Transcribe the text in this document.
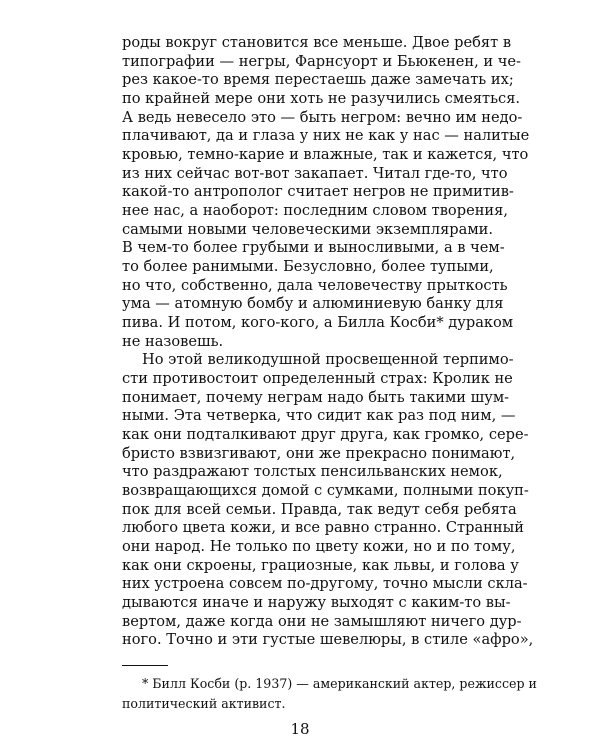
роды вокруг становится все меньше. Двое ребят в
типографии — негры, Фарнсуорт и Бьюкенен, и че-
рез какое-то время перестаешь даже замечать их;
по крайней мере они хоть не разучились смеяться.
А ведь невесело это — быть негром: вечно им недо-
плачивают, да и глаза у них не как у нас — налитые
кровью, темно-карие и влажные, так и кажется, что
из них сейчас вот-вот закапает. Читал где-то, что
какой-то антрополог считает негров не примитив-
нее нас, а наоборот: последним словом творения,
самыми новыми человеческими экземплярами.
В чем-то более грубыми и выносливыми, а в чем-
то более ранимыми. Безусловно, более тупыми,
но что, собственно, дала человечеству прыткость
ума — атомную бомбу и алюминиевую банку для
пива. И потом, кого-кого, а Билла Косби* дураком
не назовешь.
Но этой великодушной просвещенной терпимо-
сти противостоит определенный страх: Кролик не
понимает, почему неграм надо быть такими шум-
ными. Эта четверка, что сидит как раз под ним, —
как они подталкивают друг друга, как громко, сере-
бристо взвизгивают, они же прекрасно понимают,
что раздражают толстых пенсильванских немок,
возвращающихся домой с сумками, полными покуп-
пок для всей семьи. Правда, так ведут себя ребята
любого цвета кожи, и все равно странно. Странный
они народ. Не только по цвету кожи, но и по тому,
как они скроены, грациозные, как львы, и голова у
них устроена совсем по-другому, точно мысли скла-
дываются иначе и наружу выходят с каким-то вы-
вертом, даже когда они не замышляют ничего дур-
ного. Точно и эти густые шевелюры, в стиле «афро»,
* Билл Косби (р. 1937) — американский актер, режиссер и
политический активист.
18
